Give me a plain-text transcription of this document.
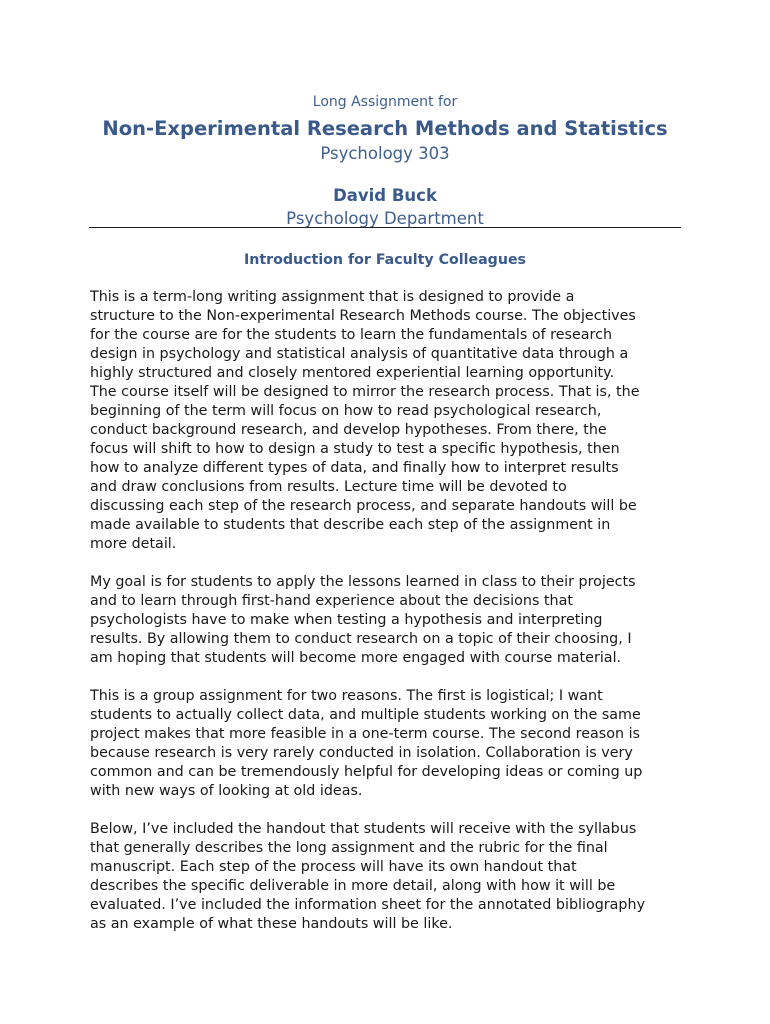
Long Assignment for
Non-Experimental Research Methods and Statistics
Psychology 303
David Buck
Psychology Department
Introduction for Faculty Colleagues

This is a term-long writing assignment that is designed to provide a
structure to the Non-experimental Research Methods course. The objectives
for the course are for the students to learn the fundamentals of research
design in psychology and statistical analysis of quantitative data through a
highly structured and closely mentored experiential learning opportunity.
The course itself will be designed to mirror the research process. That is, the
beginning of the term will focus on how to read psychological research,
conduct background research, and develop hypotheses. From there, the
focus will shift to how to design a study to test a specific hypothesis, then
how to analyze different types of data, and finally how to interpret results
and draw conclusions from results. Lecture time will be devoted to
discussing each step of the research process, and separate handouts will be
made available to students that describe each step of the assignment in
more detail.

My goal is for students to apply the lessons learned in class to their projects
and to learn through first-hand experience about the decisions that
psychologists have to make when testing a hypothesis and interpreting
results. By allowing them to conduct research on a topic of their choosing, I
am hoping that students will become more engaged with course material.

This is a group assignment for two reasons. The first is logistical; I want
students to actually collect data, and multiple students working on the same
project makes that more feasible in a one-term course. The second reason is
because research is very rarely conducted in isolation. Collaboration is very
common and can be tremendously helpful for developing ideas or coming up
with new ways of looking at old ideas.

Below, I’ve included the handout that students will receive with the syllabus
that generally describes the long assignment and the rubric for the final
manuscript. Each step of the process will have its own handout that
describes the specific deliverable in more detail, along with how it will be
evaluated. I’ve included the information sheet for the annotated bibliography
as an example of what these handouts will be like.
